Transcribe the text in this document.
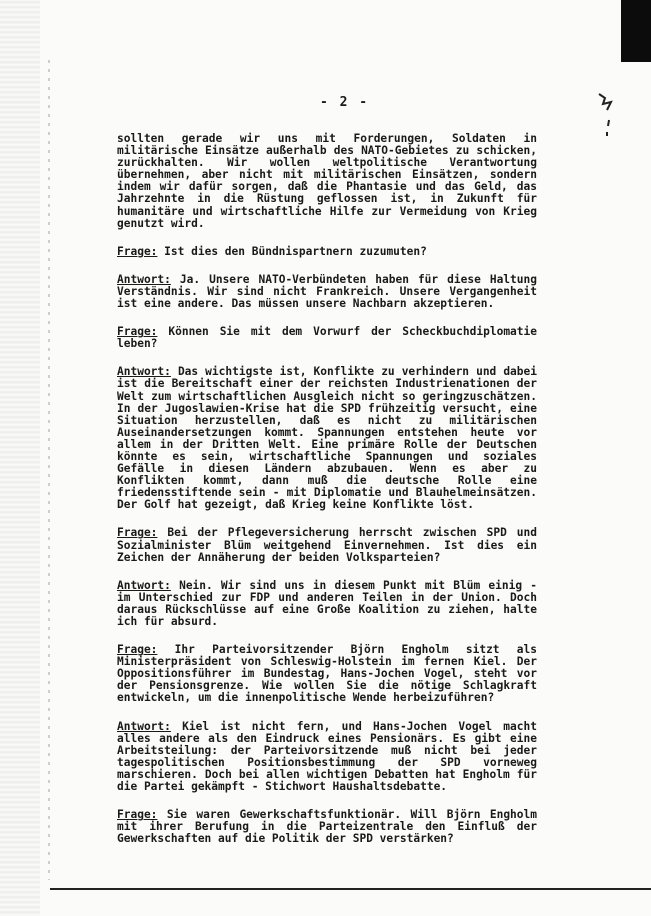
- 2 -

sollten gerade wir uns mit Forderungen, Soldaten in militärische Einsätze außerhalb des NATO-Gebietes zu schicken, zurückhalten. Wir wollen weltpolitische Verantwortung übernehmen, aber nicht mit militärischen Einsätzen, sondern indem wir dafür sorgen, daß die Phantasie und das Geld, das Jahrzehnte in die Rüstung geflossen ist, in Zukunft für humanitäre und wirtschaftliche Hilfe zur Vermeidung von Krieg genutzt wird.

Frage: Ist dies den Bündnispartnern zuzumuten?

Antwort: Ja. Unsere NATO-Verbündeten haben für diese Haltung Verständnis. Wir sind nicht Frankreich. Unsere Vergangenheit ist eine andere. Das müssen unsere Nachbarn akzeptieren.

Frage: Können Sie mit dem Vorwurf der Scheckbuchdiplomatie leben?

Antwort: Das wichtigste ist, Konflikte zu verhindern und dabei ist die Bereitschaft einer der reichsten Industrienationen der Welt zum wirtschaftlichen Ausgleich nicht so geringzuschätzen. In der Jugoslawien-Krise hat die SPD frühzeitig versucht, eine Situation herzustellen, daß es nicht zu militärischen Auseinandersetzungen kommt. Spannungen entstehen heute vor allem in der Dritten Welt. Eine primäre Rolle der Deutschen könnte es sein, wirtschaftliche Spannungen und soziales Gefälle in diesen Ländern abzubauen. Wenn es aber zu Konflikten kommt, dann muß die deutsche Rolle eine friedensstiftende sein - mit Diplomatie und Blauhelmeinsätzen. Der Golf hat gezeigt, daß Krieg keine Konflikte löst.

Frage: Bei der Pflegeversicherung herrscht zwischen SPD und Sozialminister Blüm weitgehend Einvernehmen. Ist dies ein Zeichen der Annäherung der beiden Volksparteien?

Antwort: Nein. Wir sind uns in diesem Punkt mit Blüm einig - im Unterschied zur FDP und anderen Teilen in der Union. Doch daraus Rückschlüsse auf eine Große Koalition zu ziehen, halte ich für absurd.

Frage: Ihr Parteivorsitzender Björn Engholm sitzt als Ministerpräsident von Schleswig-Holstein im fernen Kiel. Der Oppositionsführer im Bundestag, Hans-Jochen Vogel, steht vor der Pensionsgrenze. Wie wollen Sie die nötige Schlagkraft entwickeln, um die innenpolitische Wende herbeizuführen?

Antwort: Kiel ist nicht fern, und Hans-Jochen Vogel macht alles andere als den Eindruck eines Pensionärs. Es gibt eine Arbeitsteilung: der Parteivorsitzende muß nicht bei jeder tagespolitischen Positionsbestimmung der SPD vorneweg marschieren. Doch bei allen wichtigen Debatten hat Engholm für die Partei gekämpft - Stichwort Haushaltsdebatte.

Frage: Sie waren Gewerkschaftsfunktionär. Will Björn Engholm mit ihrer Berufung in die Parteizentrale den Einfluß der Gewerkschaften auf die Politik der SPD verstärken?
